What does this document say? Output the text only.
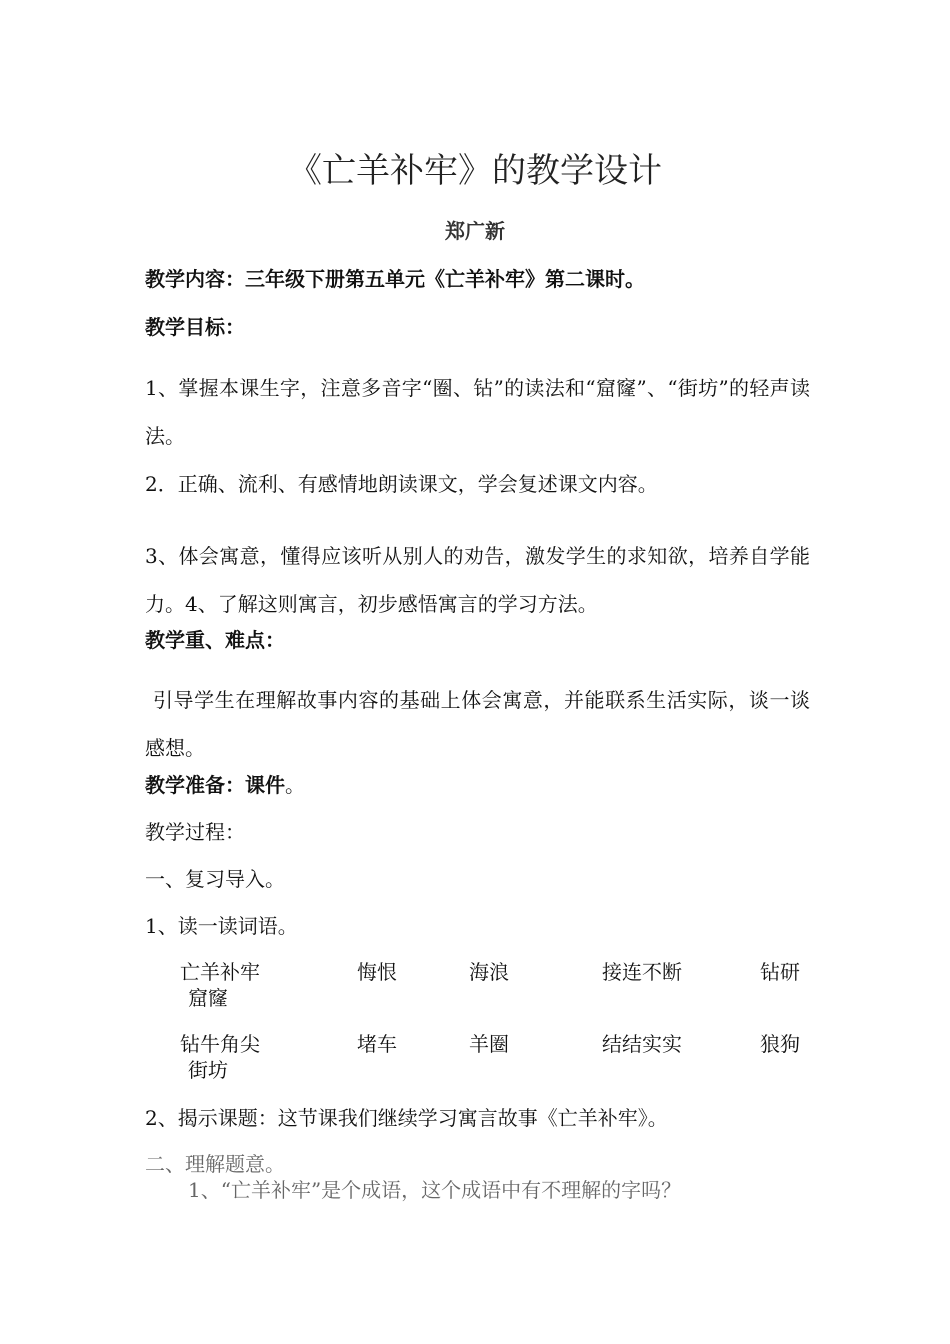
《亡羊补牢》的教学设计
郑广新
教学内容：三年级下册第五单元《亡羊补牢》第二课时。
教学目标：
1、掌握本课生字，注意多音字“圈、钻”的读法和“窟窿”、“街坊”的轻声读法。
2．正确、流利、有感情地朗读课文，学会复述课文内容。
3、体会寓意，懂得应该听从别人的劝告，激发学生的求知欲，培养自学能力。4、了解这则寓言，初步感悟寓言的学习方法。
教学重、难点：
引导学生在理解故事内容的基础上体会寓意，并能联系生活实际，谈一谈感想。
教学准备：课件。
教学过程：
一、复习导入。
1、读一读词语。
亡羊补牢	悔恨	海浪	接连不断	钻研
窟窿
钻牛角尖	堵车	羊圈	结结实实	狼狗
街坊
2、揭示课题：这节课我们继续学习寓言故事《亡羊补牢》。
二、理解题意。
1、“亡羊补牢”是个成语，这个成语中有不理解的字吗？
